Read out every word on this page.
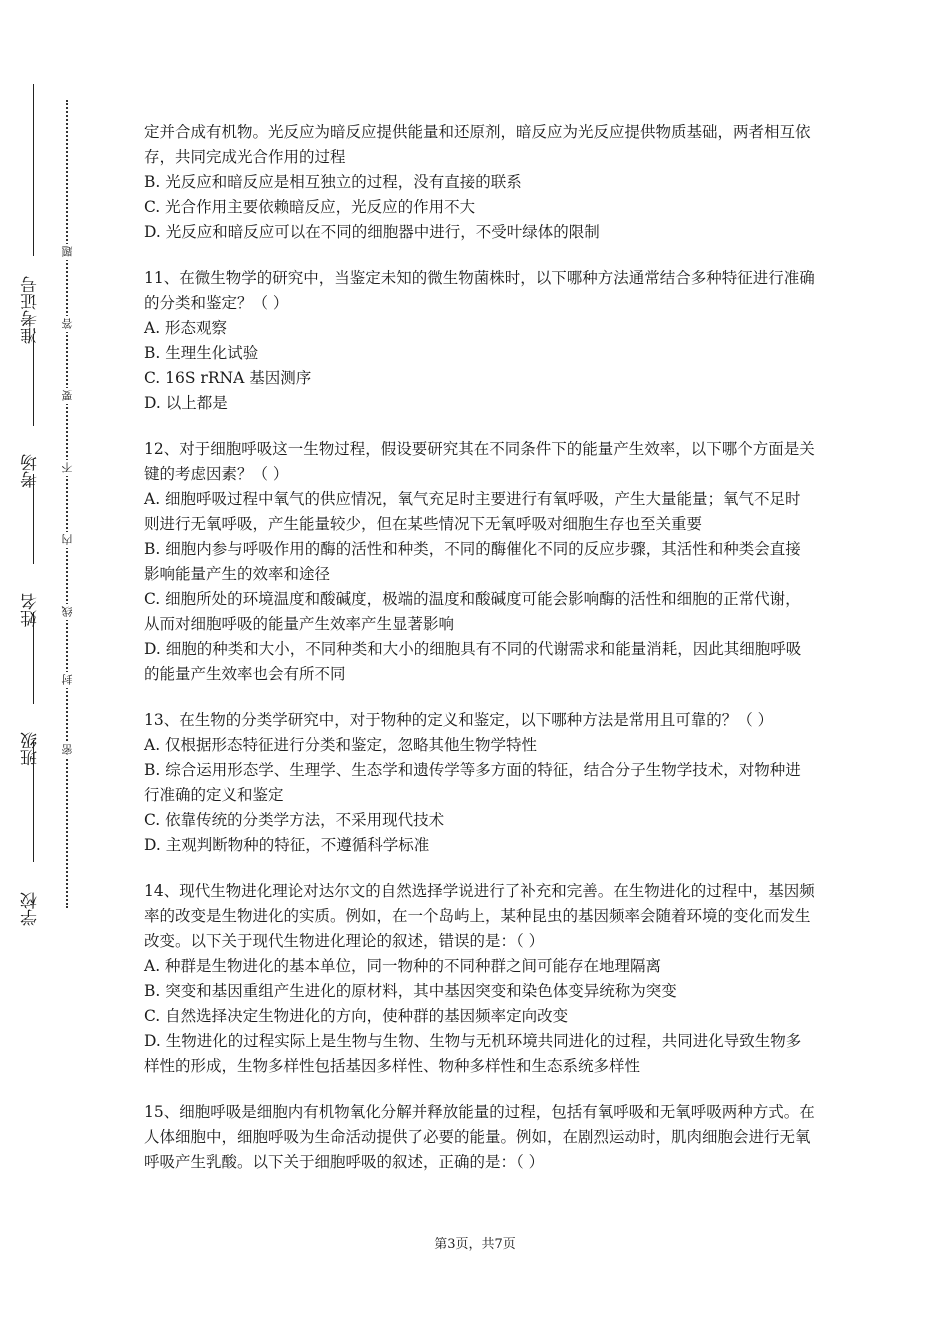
学校
班级
姓名
考场
准考证号
密
封
线
内
不
要
答
题

定并合成有机物。光反应为暗反应提供能量和还原剂，暗反应为光反应提供物质基础，两者相互依存，共同完成光合作用的过程

B. 光反应和暗反应是相互独立的过程，没有直接的联系

C. 光合作用主要依赖暗反应，光反应的作用不大

D. 光反应和暗反应可以在不同的细胞器中进行，不受叶绿体的限制

11、在微生物学的研究中，当鉴定未知的微生物菌株时，以下哪种方法通常结合多种特征进行准确的分类和鉴定？（ ）

A. 形态观察

B. 生理生化试验

C. 16S rRNA 基因测序

D. 以上都是

12、对于细胞呼吸这一生物过程，假设要研究其在不同条件下的能量产生效率，以下哪个方面是关键的考虑因素？（ ）

A. 细胞呼吸过程中氧气的供应情况，氧气充足时主要进行有氧呼吸，产生大量能量；氧气不足时则进行无氧呼吸，产生能量较少，但在某些情况下无氧呼吸对细胞生存也至关重要

B. 细胞内参与呼吸作用的酶的活性和种类，不同的酶催化不同的反应步骤，其活性和种类会直接影响能量产生的效率和途径

C. 细胞所处的环境温度和酸碱度，极端的温度和酸碱度可能会影响酶的活性和细胞的正常代谢，从而对细胞呼吸的能量产生效率产生显著影响

D. 细胞的种类和大小，不同种类和大小的细胞具有不同的代谢需求和能量消耗，因此其细胞呼吸的能量产生效率也会有所不同

13、在生物的分类学研究中，对于物种的定义和鉴定，以下哪种方法是常用且可靠的？（ ）

A. 仅根据形态特征进行分类和鉴定，忽略其他生物学特性

B. 综合运用形态学、生理学、生态学和遗传学等多方面的特征，结合分子生物学技术，对物种进行准确的定义和鉴定

C. 依靠传统的分类学方法，不采用现代技术

D. 主观判断物种的特征，不遵循科学标准

14、现代生物进化理论对达尔文的自然选择学说进行了补充和完善。在生物进化的过程中，基因频率的改变是生物进化的实质。例如，在一个岛屿上，某种昆虫的基因频率会随着环境的变化而发生改变。以下关于现代生物进化理论的叙述，错误的是：（ ）

A. 种群是生物进化的基本单位，同一物种的不同种群之间可能存在地理隔离

B. 突变和基因重组产生进化的原材料，其中基因突变和染色体变异统称为突变

C. 自然选择决定生物进化的方向，使种群的基因频率定向改变

D. 生物进化的过程实际上是生物与生物、生物与无机环境共同进化的过程，共同进化导致生物多样性的形成，生物多样性包括基因多样性、物种多样性和生态系统多样性

15、细胞呼吸是细胞内有机物氧化分解并释放能量的过程，包括有氧呼吸和无氧呼吸两种方式。在人体细胞中，细胞呼吸为生命活动提供了必要的能量。例如，在剧烈运动时，肌肉细胞会进行无氧呼吸产生乳酸。以下关于细胞呼吸的叙述，正确的是：（ ）

第3页，共7页
